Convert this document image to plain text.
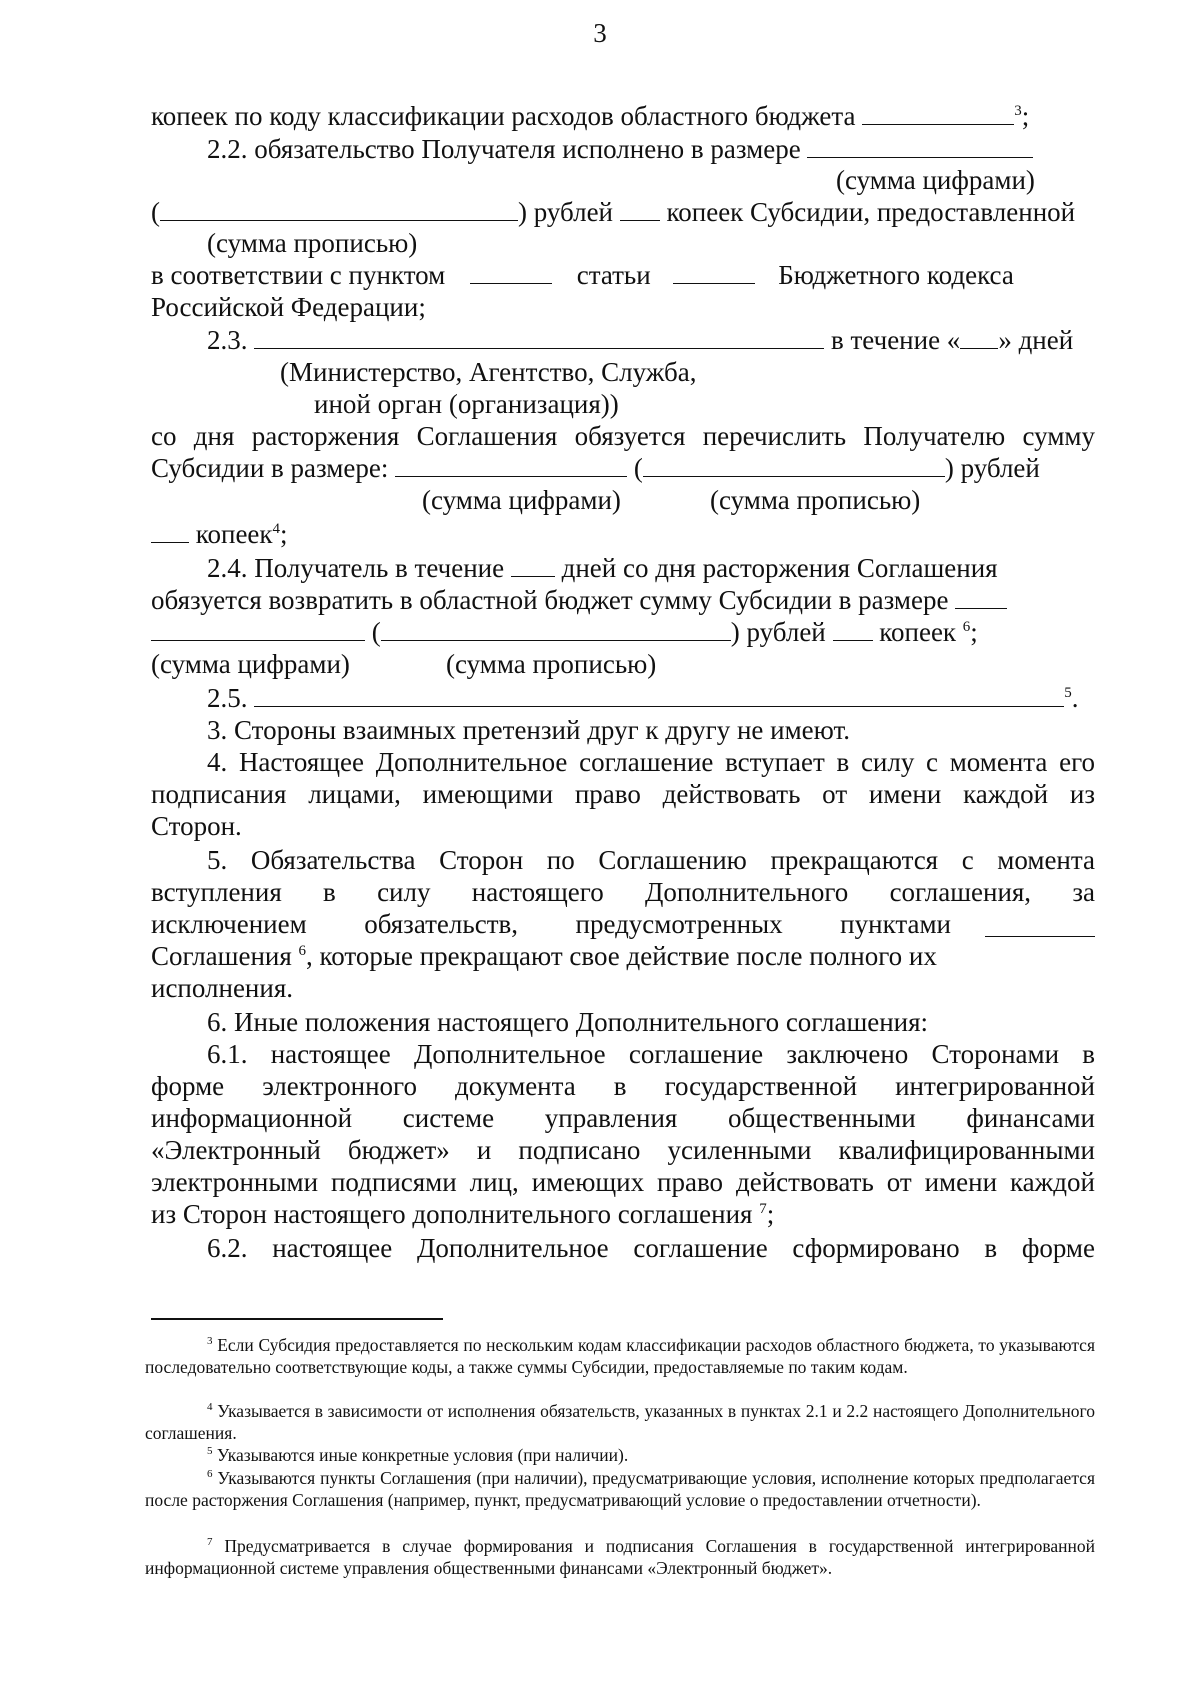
3
копеек по коду классификации расходов областного бюджета	$^3$;
2.2. обязательство Получателя исполнено в размере
(сумма цифрами)
(	) рублей копеек Субсидии, предоставленной
(сумма прописью)
в соответствии с пунктом	статьи	Бюджетного кодекса
Российской Федерации;
2.3.	в течение « » дней
(Министерство, Агентство, Служба,
иной орган (организация))
со дня расторжения Соглашения обязуется перечислить Получателю сумму
Субсидии в размере:	(	) рублей
(сумма цифрами)	(сумма прописью)
копеек$^4$;
2.4. Получатель в течение дней со дня расторжения Соглашения
обязуется возвратить в областной бюджет сумму Субсидии в размере
(	) рублей копеек $^6$;
(сумма цифрами)	(сумма прописью)
2.5.	$^5$.
3. Стороны взаимных претензий друг к другу не имеют.
4. Настоящее Дополнительное соглашение вступает в силу с момента его
подписания лицами, имеющими право действовать от имени каждой из
Сторон.
5. Обязательства Сторон по Соглашению прекращаются с момента
вступления в силу настоящего Дополнительного соглашения, за
исключением обязательств, предусмотренных пунктами
Соглашения $^6$, которые прекращают свое действие после полного их
исполнения.
6. Иные положения настоящего Дополнительного соглашения:
6.1. настоящее Дополнительное соглашение заключено Сторонами в
форме электронного документа в государственной интегрированной
информационной системе управления общественными финансами
«Электронный бюджет» и подписано усиленными квалифицированными
электронными подписями лиц, имеющих право действовать от имени каждой
из Сторон настоящего дополнительного соглашения $^7$;
6.2. настоящее Дополнительное соглашение сформировано в форме
$^3$ Если Субсидия предоставляется по нескольким кодам классификации расходов областного бюджета, то указываются последовательно соответствующие коды, а также суммы Субсидии, предоставляемые по таким кодам.
$^4$ Указывается в зависимости от исполнения обязательств, указанных в пунктах 2.1 и 2.2 настоящего Дополнительного соглашения.
$^5$ Указываются иные конкретные условия (при наличии).
$^6$ Указываются пункты Соглашения (при наличии), предусматривающие условия, исполнение которых предполагается после расторжения Соглашения (например, пункт, предусматривающий условие о предоставлении отчетности).
$^7$ Предусматривается в случае формирования и подписания Соглашения в государственной интегрированной информационной системе управления общественными финансами «Электронный бюджет».
